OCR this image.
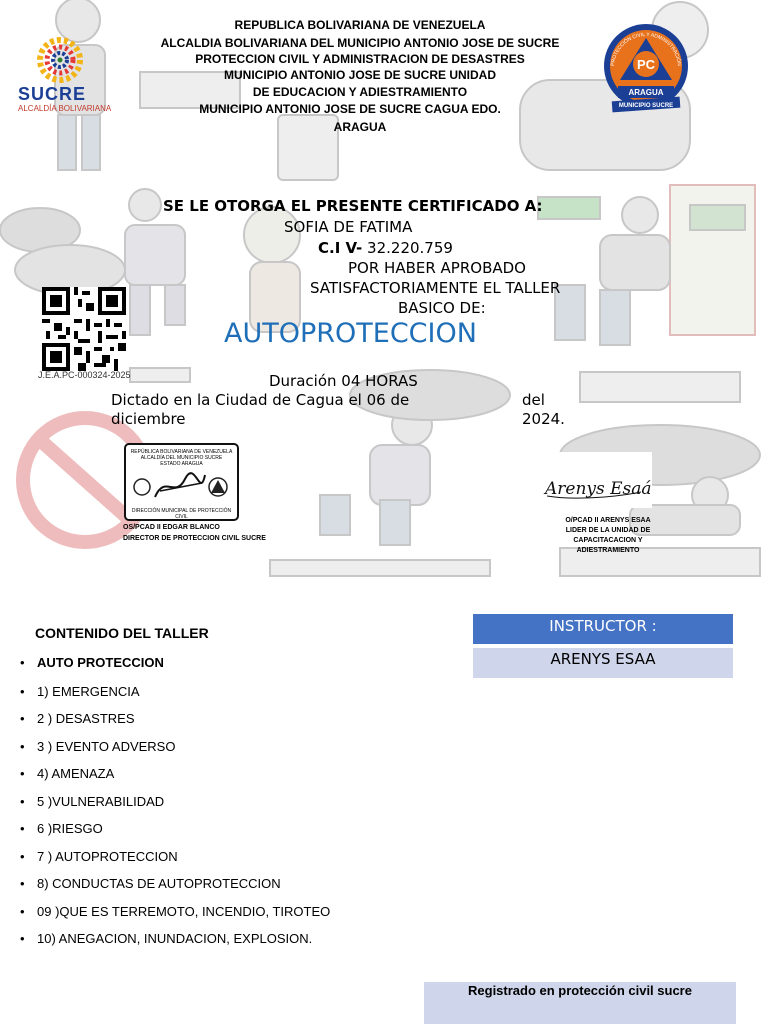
SUCRE
ALCALDÍA BOLIVARIANA
PC
PROTECCIÓN CIVIL Y ADMINISTRACIÓN
ARAGUA
MUNICIPIO SUCRE
REPUBLICA BOLIVARIANA DE VENEZUELA
ALCALDIA BOLIVARIANA DEL MUNICIPIO ANTONIO JOSE DE SUCRE
PROTECCION CIVIL Y ADMINISTRACION DE DESASTRES
MUNICIPIO ANTONIO JOSE DE SUCRE UNIDAD
DE EDUCACION Y ADIESTRAMIENTO
MUNICIPIO ANTONIO JOSE DE SUCRE CAGUA EDO.
ARAGUA
SE LE OTORGA EL PRESENTE CERTIFICADO A:
SOFIA DE FATIMA
C.I V- 32.220.759
POR HABER APROBADO
SATISFACTORIAMENTE EL TALLER
BASICO DE:
AUTOPROTECCION
Duración 04 HORAS
Dictado en la Ciudad de Cagua el 06 de	del
diciembre	2024.
J.E.A.PC-000324-2025
REPÚBLICA BOLIVARIANA DE VENEZUELA
ALCALDÍA DEL MUNICIPIO SUCRE
ESTADO ARAGUA
DIRECCIÓN MUNICIPAL DE PROTECCIÓN CIVIL
OS/PCAD II EDGAR BLANCO
DIRECTOR DE PROTECCION CIVIL SUCRE
Arenys Esaá
O/PCAD II ARENYS ESAA
LIDER DE LA UNIDAD DE
CAPACITACACION Y
ADIESTRAMIENTO
CONTENIDO DEL TALLER
• AUTO PROTECCION
• 1) EMERGENCIA
• 2 ) DESASTRES
• 3 ) EVENTO ADVERSO
• 4) AMENAZA
• 5 )VULNERABILIDAD
• 6 )RIESGO
• 7 ) AUTOPROTECCION
• 8) CONDUCTAS DE AUTOPROTECCION
• 09 )QUE ES TERREMOTO, INCENDIO, TIROTEO
• 10) ANEGACION, INUNDACION, EXPLOSION.
INSTRUCTOR :
ARENYS ESAA
Registrado en protección civil sucre
